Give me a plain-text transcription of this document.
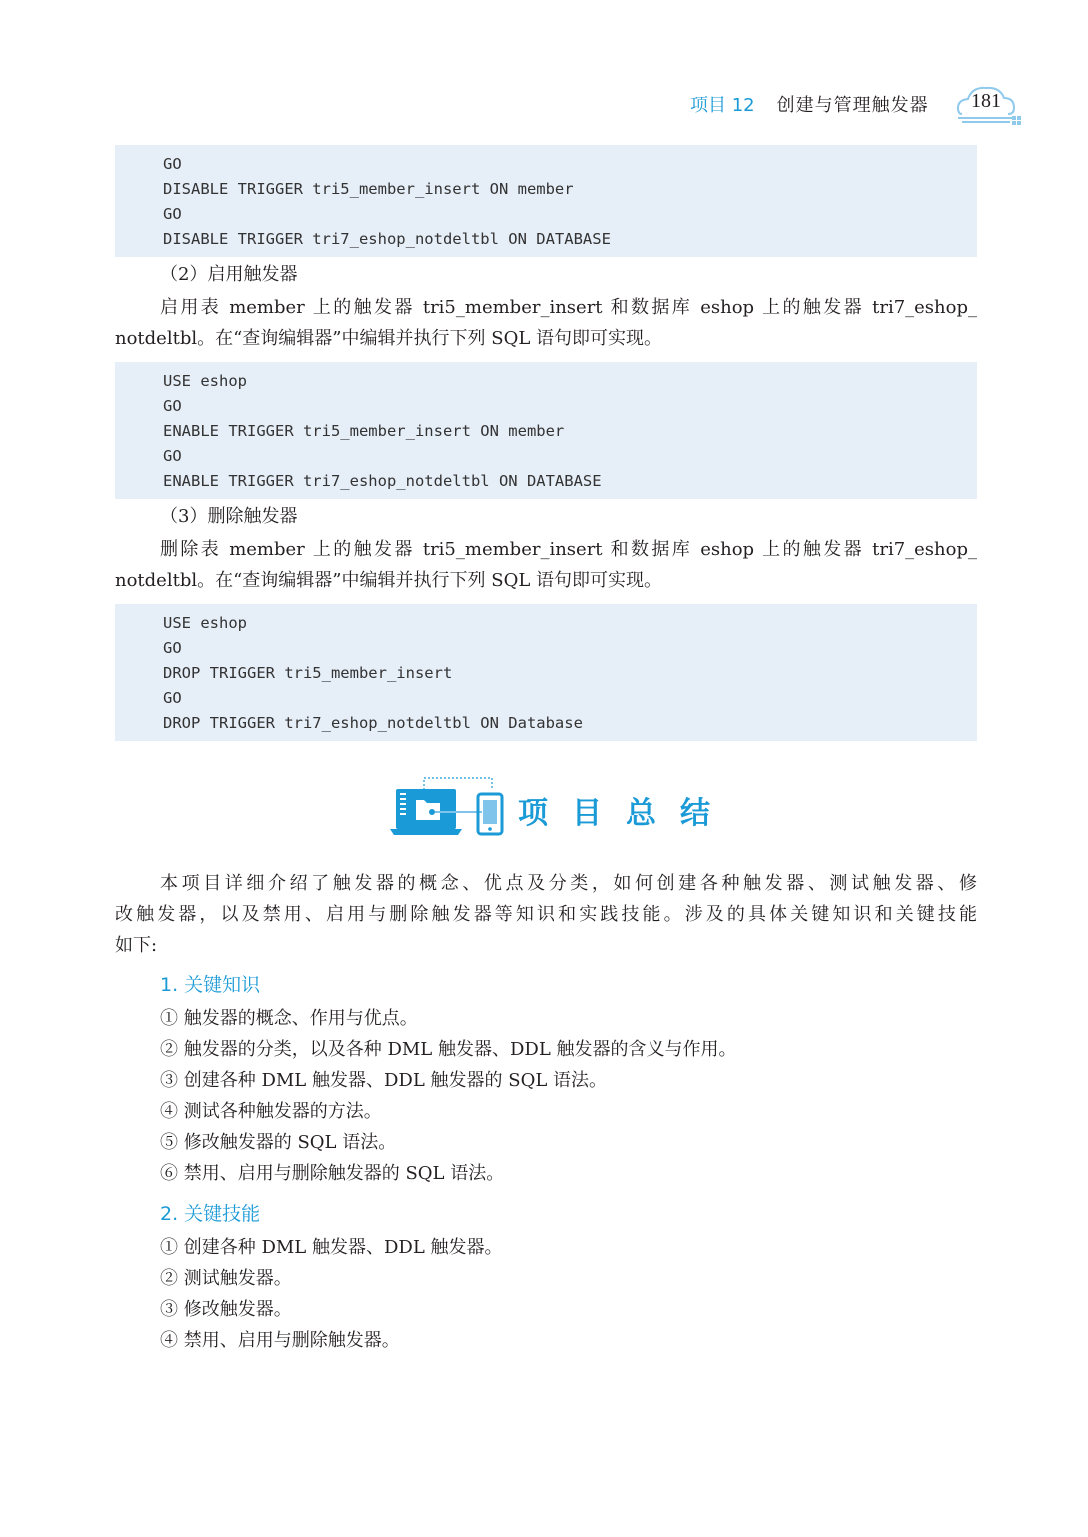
项目 12 创建与管理触发器 181
GO
DISABLE TRIGGER tri5_member_insert ON member
GO
DISABLE TRIGGER tri7_eshop_notdeltbl ON DATABASE
（2）启用触发器
启用表 member 上的触发器 tri5_member_insert 和数据库 eshop 上的触发器 tri7_eshop_
notdeltbl。在“查询编辑器”中编辑并执行下列 SQL 语句即可实现。
USE eshop
GO
ENABLE TRIGGER tri5_member_insert ON member
GO
ENABLE TRIGGER tri7_eshop_notdeltbl ON DATABASE
（3）删除触发器
删除表 member 上的触发器 tri5_member_insert 和数据库 eshop 上的触发器 tri7_eshop_
notdeltbl。在“查询编辑器”中编辑并执行下列 SQL 语句即可实现。
USE eshop
GO
DROP TRIGGER tri5_member_insert
GO
DROP TRIGGER tri7_eshop_notdeltbl ON Database
项目总结
本项目详细介绍了触发器的概念、优点及分类，如何创建各种触发器、测试触发器、修
改触发器，以及禁用、启用与删除触发器等知识和实践技能。涉及的具体关键知识和关键技能
如下:
1. 关键知识
① 触发器的概念、作用与优点。
② 触发器的分类，以及各种 DML 触发器、DDL 触发器的含义与作用。
③ 创建各种 DML 触发器、DDL 触发器的 SQL 语法。
④ 测试各种触发器的方法。
⑤ 修改触发器的 SQL 语法。
⑥ 禁用、启用与删除触发器的 SQL 语法。
2. 关键技能
① 创建各种 DML 触发器、DDL 触发器。
② 测试触发器。
③ 修改触发器。
④ 禁用、启用与删除触发器。
